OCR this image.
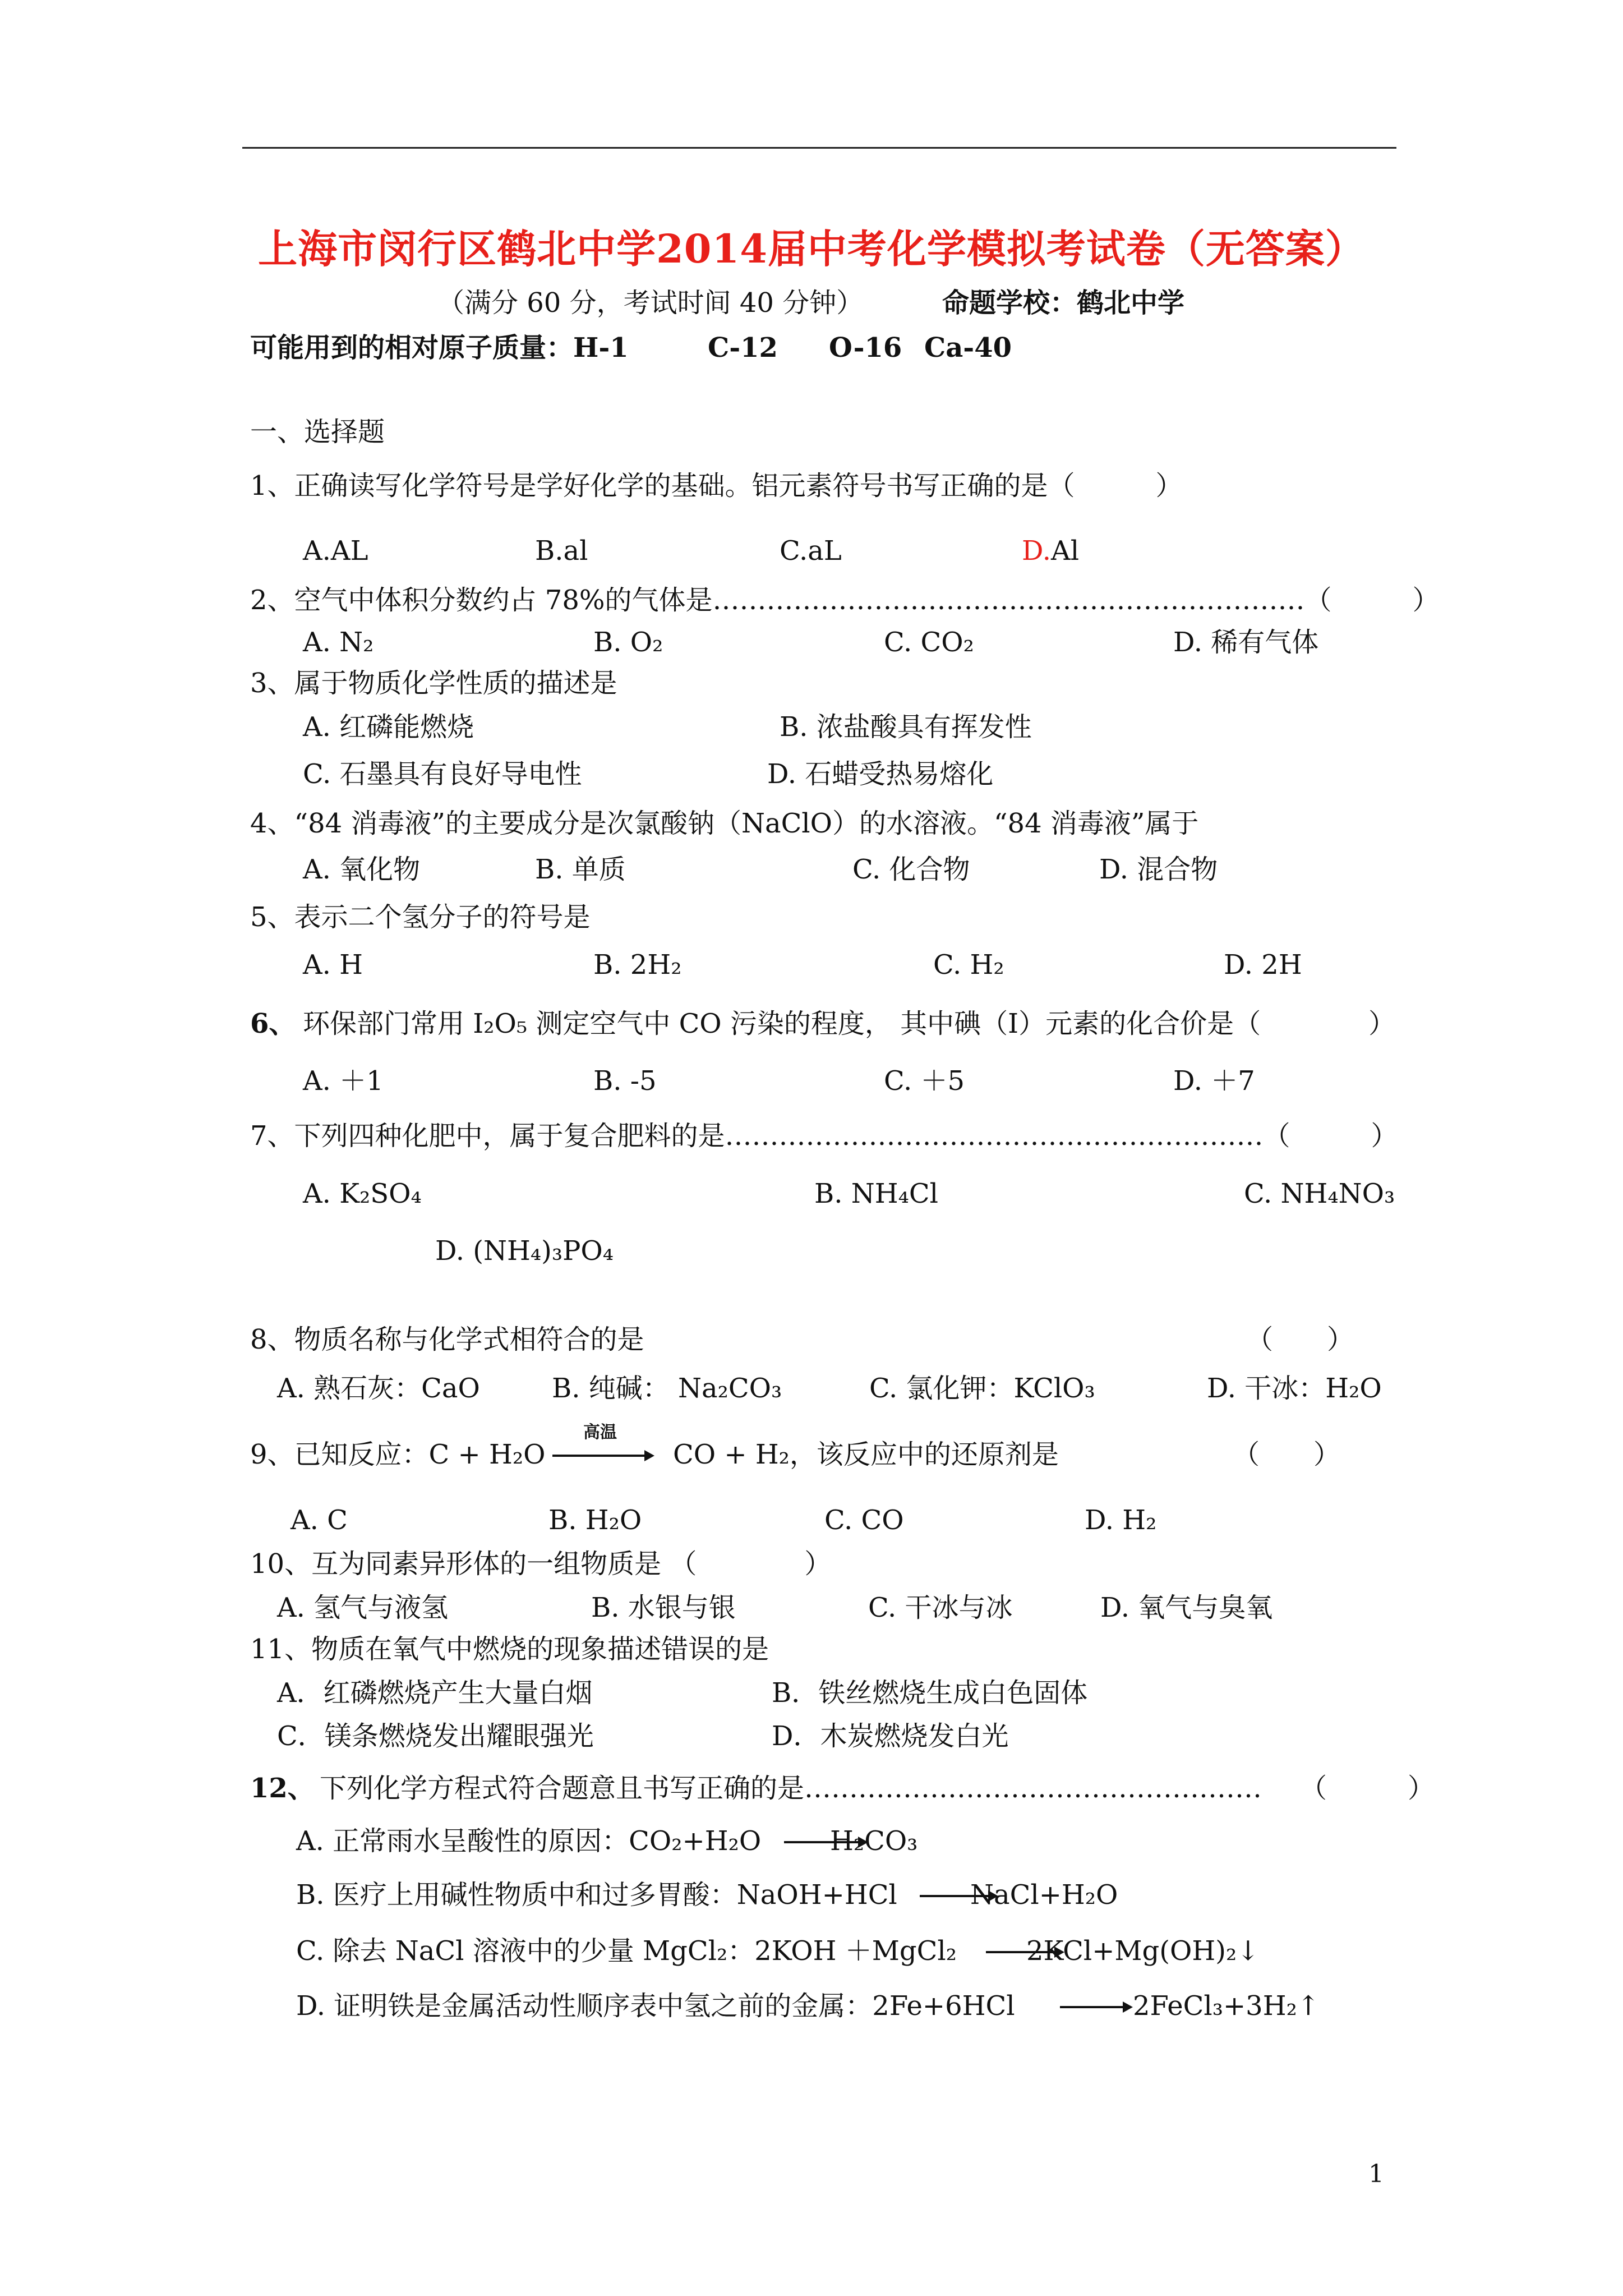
上海市闵行区鹤北中学2014届中考化学模拟考试卷（无答案）
（满分 60 分，考试时间 40 分钟）	命题学校：鹤北中学
可能用到的相对原子质量：H-1	C-12 O-16 Ca-40
一、选择题
1、正确读写化学符号是学好化学的基础。铝元素符号书写正确的是（　　　）
A.AL	B.al	C.aL	D.Al
2、空气中体积分数约占 78%的气体是…………………………………………………………（　　　）
A. N₂	B. O₂	C. CO₂	D. 稀有气体
3、属于物质化学性质的描述是
A. 红磷能燃烧	B. 浓盐酸具有挥发性
C. 石墨具有良好导电性	D. 石蜡受热易熔化
4、“84 消毒液”的主要成分是次氯酸钠（NaClO）的水溶液。“84 消毒液”属于
A. 氧化物	B. 单质	C. 化合物	D. 混合物
5、表示二个氢分子的符号是
A. H	B. 2H₂	C. H₂	D. 2H
6、 环保部门常用 I₂O₅ 测定空气中 CO 污染的程度， 其中碘（I）元素的化合价是（　　　　）
A. ＋1	B. -5	C. ＋5	D. ＋7
7、下列四种化肥中，属于复合肥料的是……………………………………………………（　　　）
A. K₂SO₄	B. NH₄Cl	C. NH₄NO₃
D. (NH₄)₃PO₄
8、物质名称与化学式相符合的是	（　　）
A. 熟石灰：CaO	B. 纯碱： Na₂CO₃	C. 氯化钾：KClO₃	D. 干冰：H₂O
9、已知反应：C + H₂O
高温
CO + H₂，该反应中的还原剂是	（　　）
A. C	B. H₂O	C. CO	D. H₂
10、互为同素异形体的一组物质是 （　　　　）
A. 氢气与液氢	B. 水银与银	C. 干冰与冰	D. 氧气与臭氧
11、物质在氧气中燃烧的现象描述错误的是
A．红磷燃烧产生大量白烟	B．铁丝燃烧生成白色固体
C．镁条燃烧发出耀眼强光	D．木炭燃烧发白光
12、 下列化学方程式符合题意且书写正确的是…………………………………………… （　　　）
A. 正常雨水呈酸性的原因：CO₂+H₂O	H₂CO₃
B. 医疗上用碱性物质中和过多胃酸：NaOH+HCl	NaCl+H₂O
C. 除去 NaCl 溶液中的少量 MgCl₂：2KOH ＋MgCl₂	2KCl+Mg(OH)₂↓
D. 证明铁是金属活动性顺序表中氢之前的金属：2Fe+6HCl	2FeCl₃+3H₂↑
1
